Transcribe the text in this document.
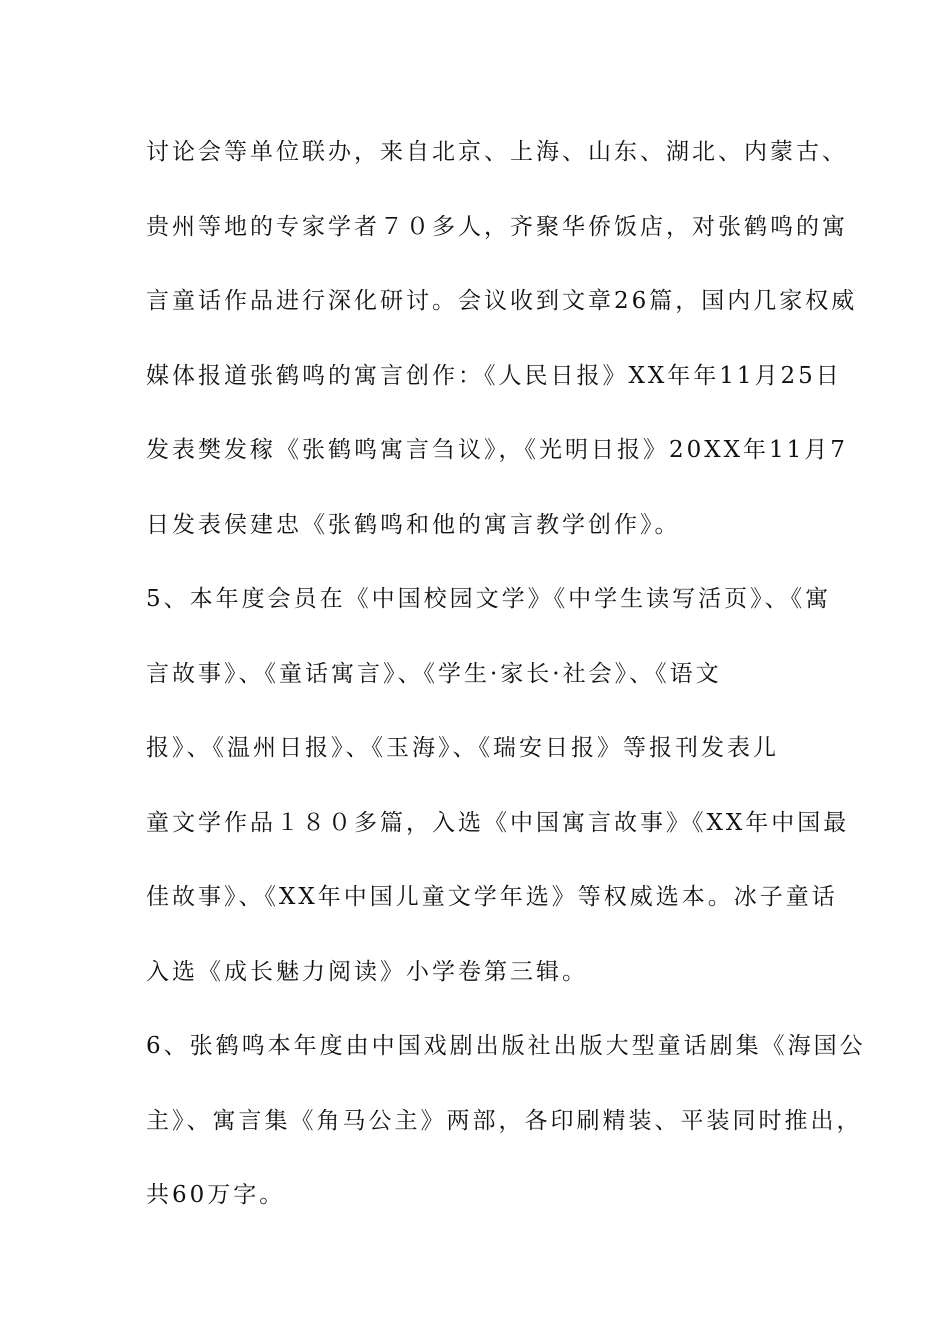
讨论会等单位联办，来自北京、上海、山东、湖北、内蒙古、
贵州等地的专家学者７０多人，齐聚华侨饭店，对张鹤鸣的寓
言童话作品进行深化研讨。会议收到文章26篇，国内几家权威
媒体报道张鹤鸣的寓言创作：《人民日报》XX年年11月25日
发表樊发稼《张鹤鸣寓言刍议》，《光明日报》20XX年11月7
日发表侯建忠《张鹤鸣和他的寓言教学创作》。
5、本年度会员在《中国校园文学》《中学生读写活页》、《寓
言故事》、《童话寓言》、《学生·家长·社会》、《语文
报》、《温州日报》、《玉海》、《瑞安日报》等报刊发表儿
童文学作品１８０多篇，入选《中国寓言故事》《XX年中国最
佳故事》、《XX年中国儿童文学年选》等权威选本。冰子童话
入选《成长魅力阅读》小学卷第三辑。
6、张鹤鸣本年度由中国戏剧出版社出版大型童话剧集《海国公
主》、寓言集《角马公主》两部，各印刷精装、平装同时推出，
共60万字。
